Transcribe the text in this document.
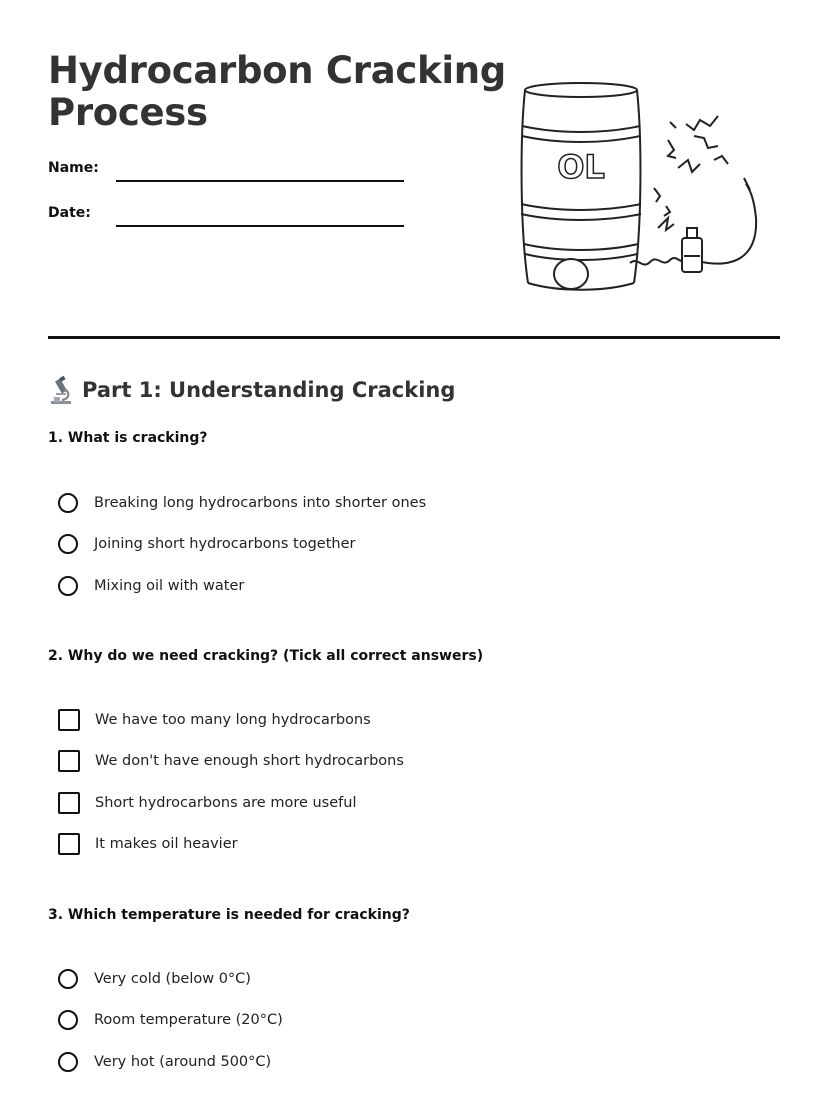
Hydrocarbon Cracking Process
Name:
Date:
OL
Part 1: Understanding Cracking
1. What is cracking?
Breaking long hydrocarbons into shorter ones
Joining short hydrocarbons together
Mixing oil with water
2. Why do we need cracking? (Tick all correct answers)
We have too many long hydrocarbons
We don't have enough short hydrocarbons
Short hydrocarbons are more useful
It makes oil heavier
3. Which temperature is needed for cracking?
Very cold (below 0°C)
Room temperature (20°C)
Very hot (around 500°C)
